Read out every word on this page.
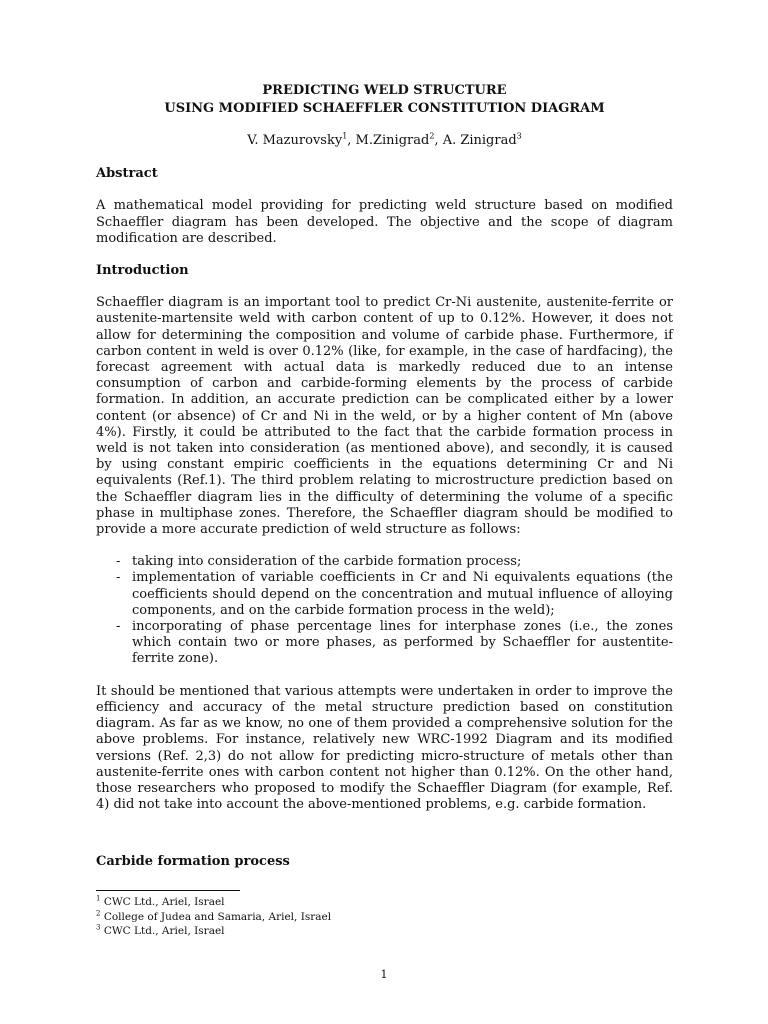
PREDICTING WELD STRUCTURE
USING MODIFIED SCHAEFFLER CONSTITUTION DIAGRAM

V. Mazurovsky$^1$, M.Zinigrad$^2$, A. Zinigrad$^3$

Abstract

A mathematical model providing for predicting weld structure based on modified Schaeffler diagram has been developed. The objective and the scope of diagram modification are described.

Introduction

Schaeffler diagram is an important tool to predict Cr-Ni austenite, austenite-ferrite or austenite-martensite weld with carbon content of up to 0.12%. However, it does not allow for determining the composition and volume of carbide phase. Furthermore, if carbon content in weld is over 0.12% (like, for example, in the case of hardfacing), the forecast agreement with actual data is markedly reduced due to an intense consumption of carbon and carbide-forming elements by the process of carbide formation. In addition, an accurate prediction can be complicated either by a lower content (or absence) of Cr and Ni in the weld, or by a higher content of Mn (above 4%). Firstly, it could be attributed to the fact that the carbide formation process in weld is not taken into consideration (as mentioned above), and secondly, it is caused by using constant empiric coefficients in the equations determining Cr and Ni equivalents (Ref.1). The third problem relating to microstructure prediction based on the Schaeffler diagram lies in the difficulty of determining the volume of a specific phase in multiphase zones. Therefore, the Schaeffler diagram should be modified to provide a more accurate prediction of weld structure as follows:

- taking into consideration of the carbide formation process;
- implementation of variable coefficients in Cr and Ni equivalents equations (the coefficients should depend on the concentration and mutual influence of alloying components, and on the carbide formation process in the weld);
- incorporating of phase percentage lines for interphase zones (i.e., the zones which contain two or more phases, as performed by Schaeffler for austentite-ferrite zone).

It should be mentioned that various attempts were undertaken in order to improve the efficiency and accuracy of the metal structure prediction based on constitution diagram. As far as we know, no one of them provided a comprehensive solution for the above problems. For instance, relatively new WRC-1992 Diagram and its modified versions (Ref. 2,3) do not allow for predicting micro-structure of metals other than austenite-ferrite ones with carbon content not higher than 0.12%. On the other hand, those researchers who proposed to modify the Schaeffler Diagram (for example, Ref. 4) did not take into account the above-mentioned problems, e.g. carbide formation.

Carbide formation process
$^1$ CWC Ltd., Ariel, Israel
$^2$ College of Judea and Samaria, Ariel, Israel
$^3$ CWC Ltd., Ariel, Israel
1
